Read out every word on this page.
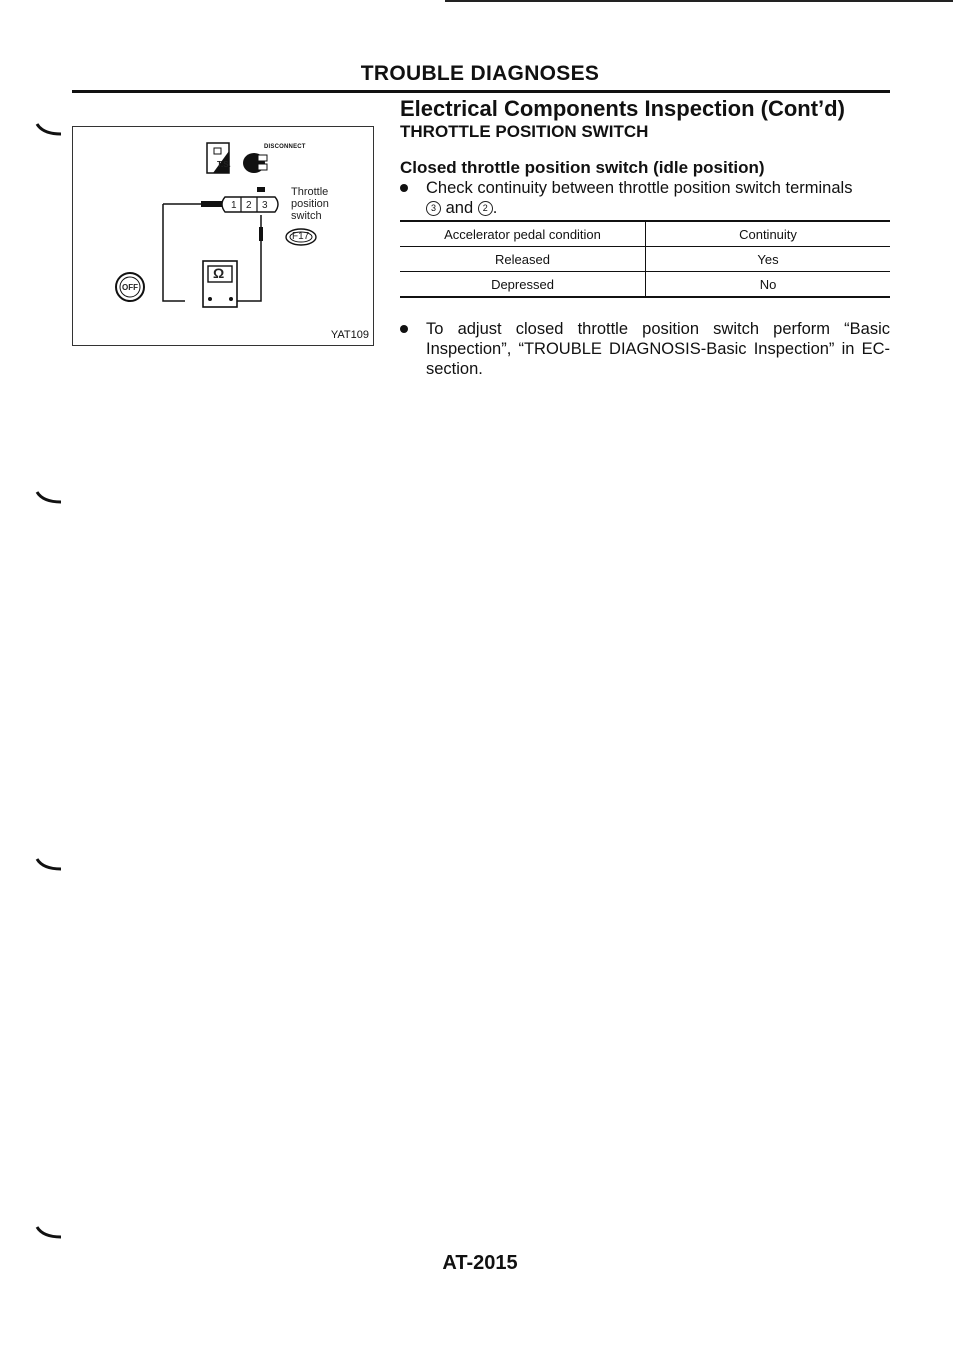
TROUBLE DIAGNOSES
DISCONNECT
T.S.
1 2 3
Throttle
position
switch
F17
Ω
OFF
YAT109
Electrical Components Inspection (Cont’d)
THROTTLE POSITION SWITCH
Closed throttle position switch (idle position)
Check continuity between throttle position switch terminals
3 and 2 .
Accelerator pedal condition	Continuity
Released	Yes
Depressed	No
To adjust closed throttle position switch perform “Basic Inspection”, “TROUBLE DIAGNOSIS-Basic Inspection” in EC-section.
AT-2015
